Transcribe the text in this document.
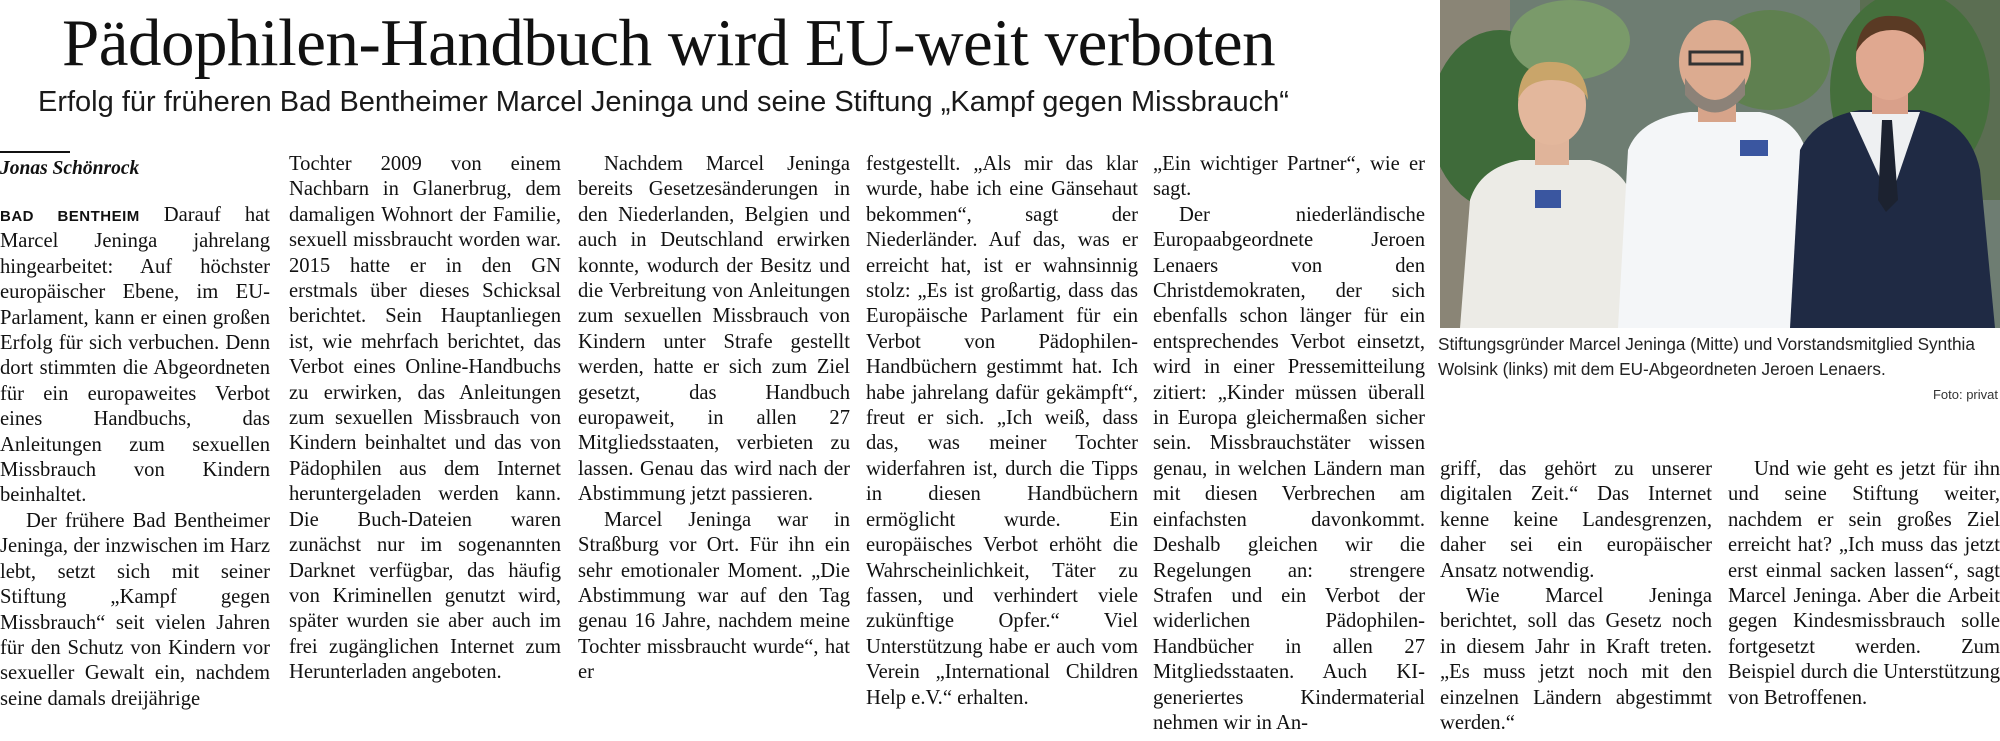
Pädophilen-Handbuch wird EU-weit verboten
Erfolg für früheren Bad Bentheimer Marcel Jeninga und seine Stiftung „Kampf gegen Missbrauch“
Jonas Schönrock

BAD BENTHEIM Darauf hat Marcel Jeninga jahrelang hingearbeitet: Auf höchster europäischer Ebene, im EU-Parlament, kann er einen großen Erfolg für sich verbuchen. Denn dort stimmten die Abgeordneten für ein europaweites Verbot eines Handbuchs, das Anleitungen zum sexuellen Missbrauch von Kindern beinhaltet.

Der frühere Bad Bentheimer Jeninga, der inzwischen im Harz lebt, setzt sich mit seiner Stiftung „Kampf gegen Missbrauch“ seit vielen Jahren für den Schutz von Kindern vor sexueller Gewalt ein, nachdem seine damals dreijährige

Tochter 2009 von einem Nachbarn in Glanerbrug, dem damaligen Wohnort der Familie, sexuell missbraucht worden war. 2015 hatte er in den GN erstmals über dieses Schicksal berichtet. Sein Hauptanliegen ist, wie mehrfach berichtet, das Verbot eines Online-Handbuchs zu erwirken, das Anleitungen zum sexuellen Missbrauch von Kindern beinhaltet und das von Pädophilen aus dem Internet heruntergeladen werden kann. Die Buch-Dateien waren zunächst nur im sogenannten Darknet verfügbar, das häufig von Kriminellen genutzt wird, später wurden sie aber auch im frei zugänglichen Internet zum Herunterladen angeboten.

Nachdem Marcel Jeninga bereits Gesetzesänderungen in den Niederlanden, Belgien und auch in Deutschland erwirken konnte, wodurch der Besitz und die Verbreitung von Anleitungen zum sexuellen Missbrauch von Kindern unter Strafe gestellt werden, hatte er sich zum Ziel gesetzt, das Handbuch europaweit, in allen 27 Mitgliedsstaaten, verbieten zu lassen. Genau das wird nach der Abstimmung jetzt passieren.

Marcel Jeninga war in Straßburg vor Ort. Für ihn ein sehr emotionaler Moment. „Die Abstimmung war auf den Tag genau 16 Jahre, nachdem meine Tochter missbraucht wurde“, hat er

festgestellt. „Als mir das klar wurde, habe ich eine Gänsehaut bekommen“, sagt der Niederländer. Auf das, was er erreicht hat, ist er wahnsinnig stolz: „Es ist großartig, dass das Europäische Parlament für ein Verbot von Pädophilen-Handbüchern gestimmt hat. Ich habe jahrelang dafür gekämpft“, freut er sich. „Ich weiß, dass das, was meiner Tochter widerfahren ist, durch die Tipps in diesen Handbüchern ermöglicht wurde. Ein europäisches Verbot erhöht die Wahrscheinlichkeit, Täter zu fassen, und verhindert viele zukünftige Opfer.“ Viel Unterstützung habe er auch vom Verein „International Children Help e.V.“ erhalten.

„Ein wichtiger Partner“, wie er sagt.

Der niederländische Europaabgeordnete Jeroen Lenaers von den Christdemokraten, der sich ebenfalls schon länger für ein entsprechendes Verbot einsetzt, wird in einer Pressemitteilung zitiert: „Kinder müssen überall in Europa gleichermaßen sicher sein. Missbrauchstäter wissen genau, in welchen Ländern man mit diesen Verbrechen am einfachsten davonkommt. Deshalb gleichen wir die Regelungen an: strengere Strafen und ein Verbot der widerlichen Pädophilen-Handbücher in allen 27 Mitgliedsstaaten. Auch KI-generiertes Kindermaterial nehmen wir in An-

Stiftungsgründer Marcel Jeninga (Mitte) und Vorstandsmitglied Synthia Wolsink (links) mit dem EU-Abgeordneten Jeroen Lenaers.
Foto: privat

griff, das gehört zu unserer digitalen Zeit.“ Das Internet kenne keine Landesgrenzen, daher sei ein europäischer Ansatz notwendig.

Wie Marcel Jeninga berichtet, soll das Gesetz noch in diesem Jahr in Kraft treten. „Es muss jetzt noch mit den einzelnen Ländern abgestimmt werden.“

Und wie geht es jetzt für ihn und seine Stiftung weiter, nachdem er sein großes Ziel erreicht hat? „Ich muss das jetzt erst einmal sacken lassen“, sagt Marcel Jeninga. Aber die Arbeit gegen Kindesmissbrauch solle fortgesetzt werden. Zum Beispiel durch die Unterstützung von Betroffenen.
